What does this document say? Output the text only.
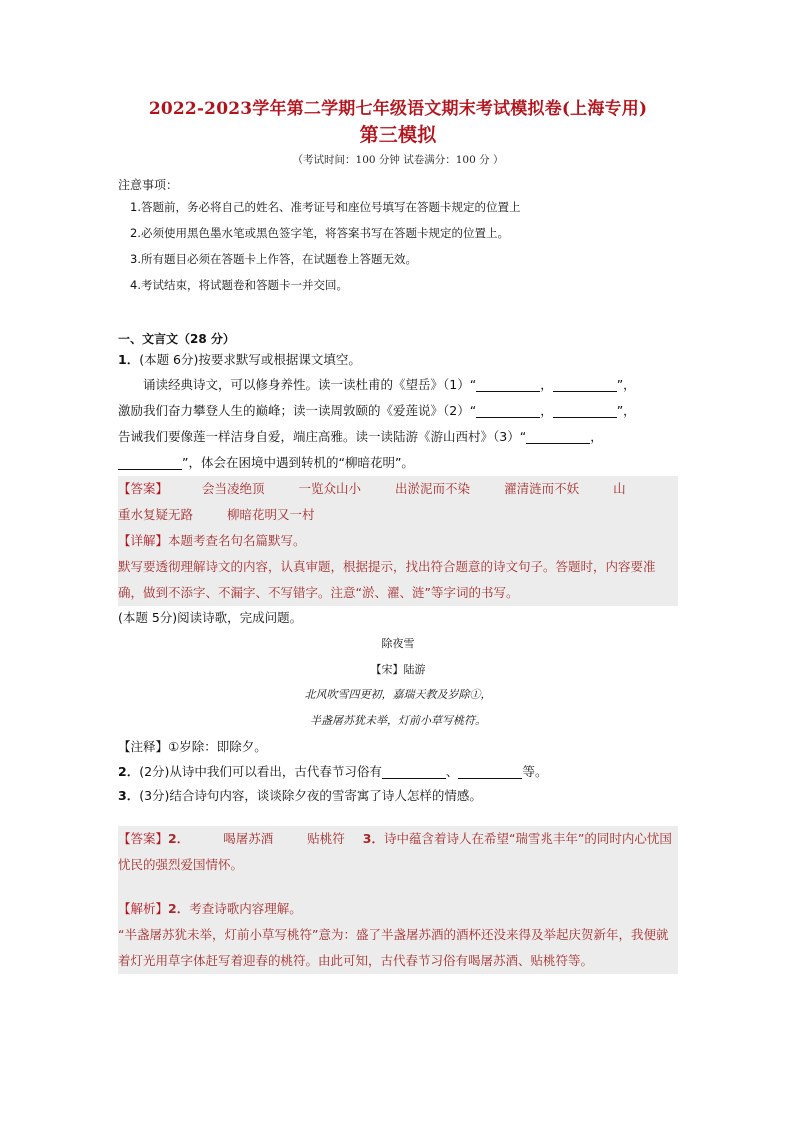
2022-2023学年第二学期七年级语文期末考试模拟卷(上海专用)
第三模拟
（考试时间：100 分钟 试卷满分：100 分 ）
注意事项：
1.答题前，务必将自己的姓名、准考证号和座位号填写在答题卡规定的位置上
2.必须使用黑色墨水笔或黑色签字笔，将答案书写在答题卡规定的位置上。
3.所有题目必须在答题卡上作答，在试题卷上答题无效。
4.考试结束，将试题卷和答题卡一并交回。
一、文言文（28 分）
1．(本题 6分)按要求默写或根据课文填空。
诵读经典诗文，可以修身养性。读一读杜甫的《望岳》（1）“	，	”，
激励我们奋力攀登人生的巅峰；读一读周敦颐的《爱莲说》（2）“	，	”，
告诫我们要像莲一样洁身自爱，端庄高雅。读一读陆游《游山西村》（3）“	，
”，体会在困境中遇到转机的“柳暗花明”。
【答案】	会当凌绝顶	一览众山小	出淤泥而不染	濯清涟而不妖	山
重水复疑无路	柳暗花明又一村
【详解】本题考查名句名篇默写。
默写要透彻理解诗文的内容，认真审题，根据提示，找出符合题意的诗文句子。答题时，内容要准确，做到不添字、不漏字、不写错字。注意“淤、濯、涟”等字词的书写。
(本题 5分)阅读诗歌，完成问题。
除夜雪
【宋】陆游
北风吹雪四更初，嘉瑞天教及岁除①，
半盏屠苏犹未举，灯前小草写桃符。
【注释】①岁除：即除夕。
2．(2分)从诗中我们可以看出，古代春节习俗有	、	等。
3．(3分)结合诗句内容，谈谈除夕夜的雪寄寓了诗人怎样的情感。
【答案】2．	喝屠苏酒	贴桃符 3．诗中蕴含着诗人在希望“瑞雪兆丰年”的同时内心忧国忧民的强烈爱国情怀。
【解析】2．考查诗歌内容理解。
“半盏屠苏犹未举，灯前小草写桃符”意为：盛了半盏屠苏酒的酒杯还没来得及举起庆贺新年，我便就着灯光用草字体赶写着迎春的桃符。由此可知，古代春节习俗有喝屠苏酒、贴桃符等。
